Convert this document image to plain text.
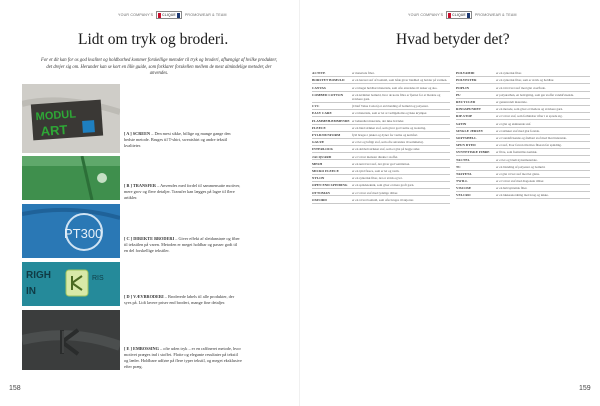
YOUR COMPANY'S	CLIQUE	PROMOWEAR & TEAM
Lidt om tryk og broderi.
For et dit kan for os god kvalitet og holdbarhed kommer forskellige metoder til tryk og broderi, afhængigt af hvilke produkter, det drejer sig om. Herunder kan se kort en lille guide, som forklarer forskellen mellem de mest almindelige metoder, der anvendes.
MODUL
ART	[ A ] SCREEN – Den mest sikke, billige og mange gange den bedste metode. Bruges til T-shirt, sweatshirt og andre tekstil kvaliteter.
[ B ] TRANSFER – Anvendes med fordel til sammensatte motiver, mere grov og flere detaljer. Transfer kan lægges på lagre til flere artikler.
PT300	[ C ] DIREKTE BRODERI – Giver effekt af sletdanstrøe og fiber til tekstilen på varen. Metoden er meget holdbar og passer godt til en del forskellige tekstiler.
RIGH
IN
RIS
[ D ] VÆVBRODERI – Broderede labels til alle produkter, der syes på. Lidt lavere priser end broderi, mange fine detaljer.
[ E ] EMBOSSING – ofte uden tryk – er en raffineret metode, hvor motivet præges ind i stoffet. Flotte og elegante resultater på tekstil og læder. Holdbare udføre på flere typer tekstil, og meget eksklusive efter præg.
158
YOUR COMPANY'S	CLIQUE	PROMOWEAR & TEAM
Hvad betyder det?
ACTIVE	er materiale fiber.
BORSTET BOMULD	er en børstet stof af bomuld, som både giver blødhed og holder på varmen.
CANVAS	er et meget holdbart materiale, som ofte anvendes til tasker og sko.
COMBED COTTON	er en kæmmet bomuld, hvor de korte fibre er fjernet for et blødere og stærkere garn.
CVC	(Chief Value Cotton) er en blanding af bomuld og polyester.
EASY CARE	er et materiale, som er let at vedligeholde og ikke krymper.
FLAMMEHÆMMENDE er behandlet materiale, der ikke brænder.
FLEECE	er en blød strikket stof, som giver god varme og isolering.
FYLD/DUNFORM	fyld bruges i jakker og dyner for varme og komfort.
GAUZE	er et let og luftigt stof, som ofte anvendes til sommertøj.
INTERLOCK	er en dobbelt strikket stof, som er glat på begge sider.
JACQUARD	er et vævet mønster direkte i stoffet.
MESH	er en netvævet stof, der giver god ventilation.
MICRO FLEECE	er en tynd fleece, som er let og varm.
NYLON	er en syntetisk fiber, der er stærk og let.
OPEN END SPINDING	er en spindeteknik, som giver et mere groft garn.
OTTOMAN	er et vævet stof med tydelige ribber.
OXFORD	er en vævet bomuld, som ofte bruges til skjorter.
POLYAMID	er en syntetisk fiber.
POLYESTER	er en syntetisk fiber, som er stærk og holdbar.
POPLIN	er en tætvævet stof med glat overflade.
PU	er polyurethan, en belægning, som gør stoffet vandafvisende.
RECYCLED	er genanvendt materiale.
RINGSPUNDET	er en metode, som giver et blødere og stærkere garn.
RIP-STOP	er et vævet stof, som forhindrer rifter i at sprede sig.
SATIN	er et glat og skinnende stof.
SINGLE JERSEY	er et strikket stof med glat forside.
SOFTSHELL	er et vandafvisende og åndbart stof med blød inderside.
SPUN DYED	er et stof, hvor farven tilsættes fiberen før spinding.
SYNTETISKE FIBRE	er fibre, som fremstilles kemisk.
TACTEL	er et let og blødt nylonmateriale.
TC	er en blanding af polyester og bomuld.
TAFFETA	er et glat vævet stof med let glans.
TWILL	er et vævet stof med diagonale ribber.
VISCOSE	er en halvsyntetisk fiber.
VELCRO	er en lukkeanordning med krog og løkke.
159
